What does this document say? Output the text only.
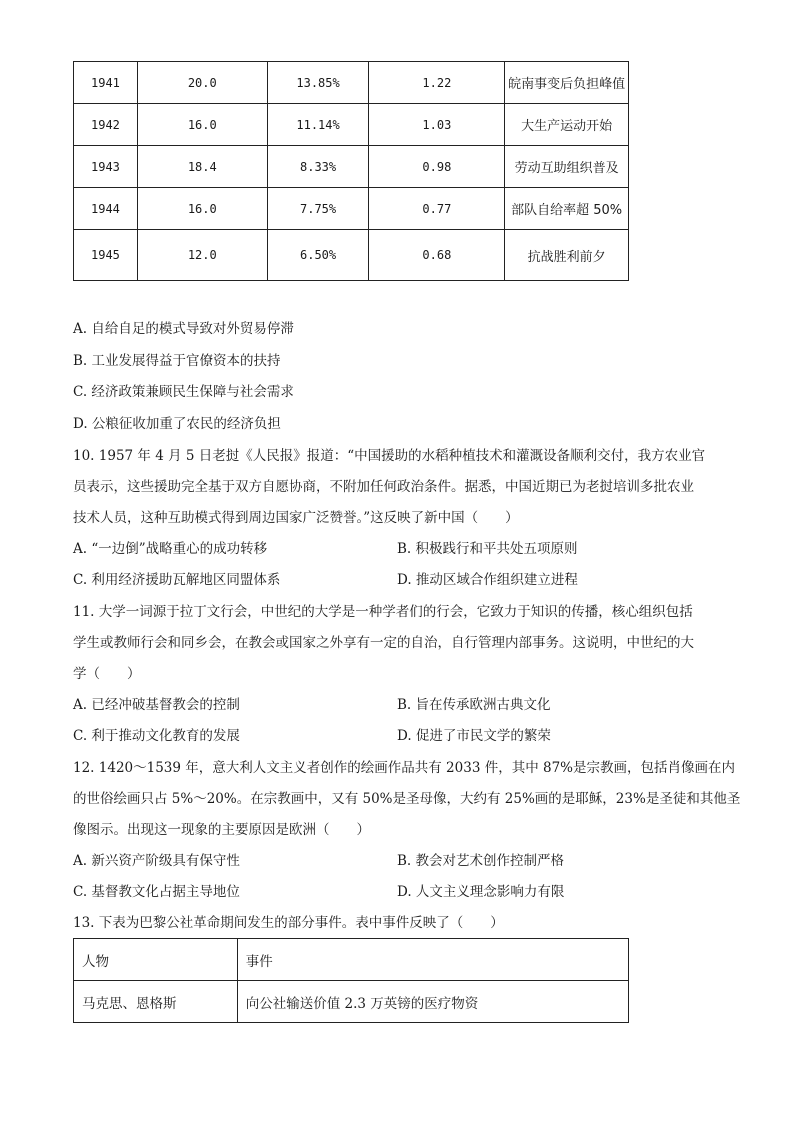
1941	20.0	13.85%	1.22	皖南事变后负担峰值
1942	16.0	11.14%	1.03	大生产运动开始
1943	18.4	8.33%	0.98	劳动互助组织普及
1944	16.0	7.75%	0.77	部队自给率超 50%
1945	12.0	6.50%	0.68	抗战胜利前夕
A. 自给自足的模式导致对外贸易停滞
B. 工业发展得益于官僚资本的扶持
C. 经济政策兼顾民生保障与社会需求
D. 公粮征收加重了农民的经济负担
10. 1957 年 4 月 5 日老挝《人民报》报道：“中国援助的水稻种植技术和灌溉设备顺利交付，我方农业官
员表示，这些援助完全基于双方自愿协商，不附加任何政治条件。据悉，中国近期已为老挝培训多批农业
技术人员，这种互助模式得到周边国家广泛赞誉。”这反映了新中国（　　）
A. “一边倒”战略重心的成功转移	B. 积极践行和平共处五项原则
C. 利用经济援助瓦解地区同盟体系	D. 推动区域合作组织建立进程
11. 大学一词源于拉丁文行会，中世纪的大学是一种学者们的行会，它致力于知识的传播，核心组织包括
学生或教师行会和同乡会，在教会或国家之外享有一定的自治，自行管理内部事务。这说明，中世纪的大
学（　　）
A. 已经冲破基督教会的控制	B. 旨在传承欧洲古典文化
C. 利于推动文化教育的发展	D. 促进了市民文学的繁荣
12. 1420～1539 年，意大利人文主义者创作的绘画作品共有 2033 件，其中 87%是宗教画，包括肖像画在内
的世俗绘画只占 5%～20%。在宗教画中，又有 50%是圣母像，大约有 25%画的是耶稣，23%是圣徒和其他圣
像图示。出现这一现象的主要原因是欧洲（　　）
A. 新兴资产阶级具有保守性	B. 教会对艺术创作控制严格
C. 基督教文化占据主导地位	D. 人文主义理念影响力有限
13. 下表为巴黎公社革命期间发生的部分事件。表中事件反映了（　　）
人物	事件
马克思、恩格斯	向公社输送价值 2.3 万英镑的医疗物资
